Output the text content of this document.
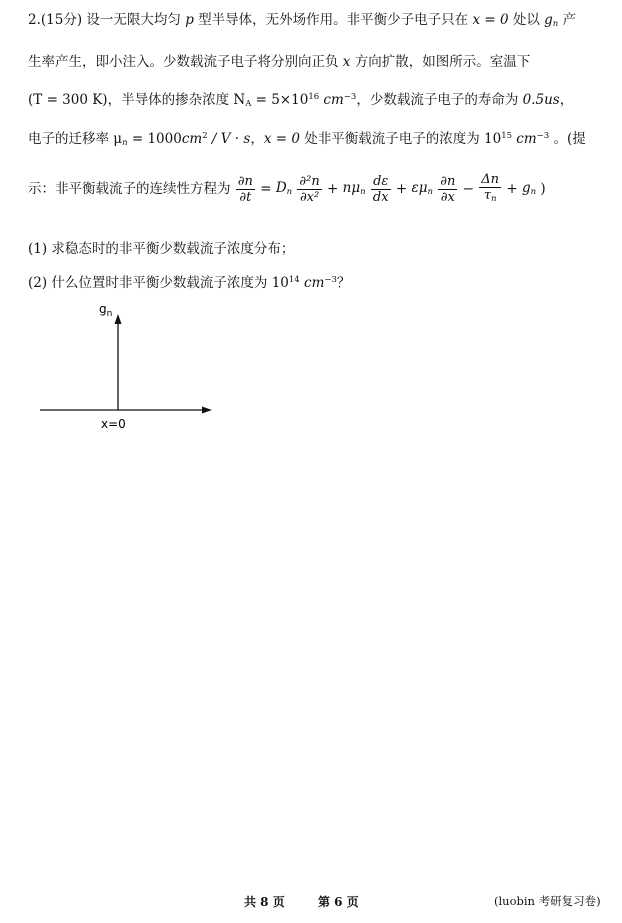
2.(15分) 设一无限大均匀 p 型半导体，无外场作用。非平衡少子电子只在 x = 0 处以 $g_n$ 产
生率产生，即小注入。少数载流子电子将分别向正负 x 方向扩散，如图所示。室温下
(T = 300 K)，半导体的掺杂浓度 $N_A = 5\times 10^{16}$ $cm^{-3}$，少数载流子电子的寿命为 0.5us，
电子的迁移率 $\mu_n = 1000cm^2 / V \cdot s$，x = 0 处非平衡载流子电子的浓度为 $10^{15}$ $cm^{-3}$ 。(提
示：非平衡载流子的连续性方程为 $\frac{\partial n}{\partial t} = D_n \frac{\text{∂²n}}{\text{∂x²}} + n\mu_n \frac{d\varepsilon}{dx} + \varepsilon\mu_n \frac{\partial n}{\partial x} - \frac{\Delta n}{\tau_n} + g_n$ )
(1) 求稳态时的非平衡少数载流子浓度分布；
(2) 什么位置时非平衡少数载流子浓度为 $10^{14}$ $cm^{-3}$？
$g_n$
x=0
共 8 页	第 6 页	(luobin 考研复习卷)
